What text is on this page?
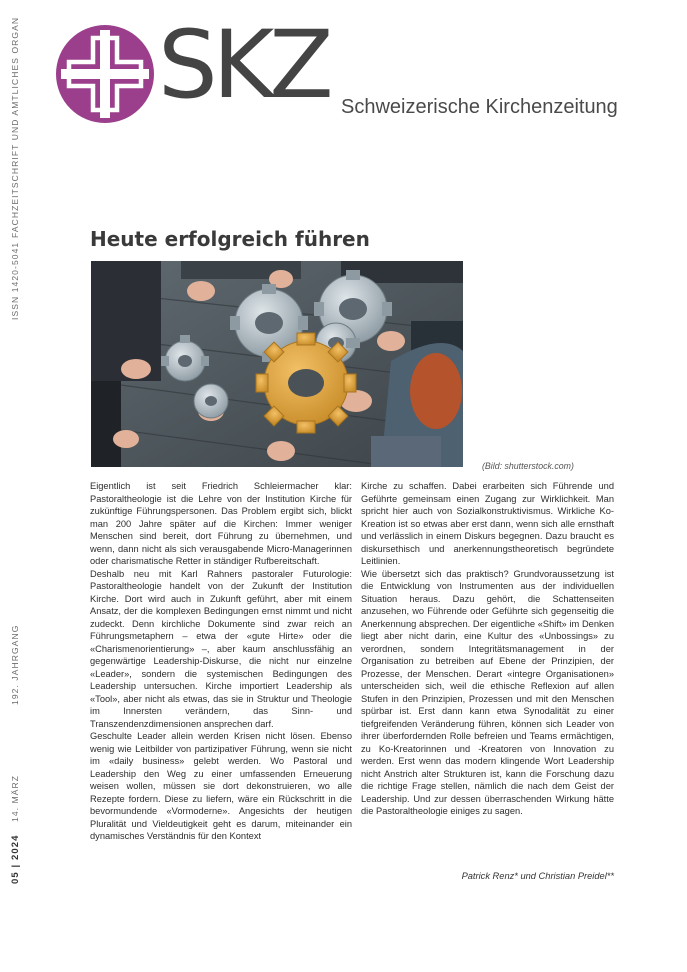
05 | 2024
14. MÄRZ
192. JAHRGANG
ISSN 1420-5041
FACHZEITSCHRIFT UND AMTLICHES ORGAN SKZ Schweizerische Kirchenzeitung
Heute erfolgreich führen
(Bild: shutterstock.com)

Eigentlich ist seit Friedrich Schleiermacher klar: Pastoraltheologie ist die Lehre von der Institution Kirche für zukünftige Führungspersonen. Das Problem ergibt sich, blickt man 200 Jahre später auf die Kirchen: Immer weniger Menschen sind bereit, dort Führung zu übernehmen, und wenn, dann nicht als sich verausgabende Micro-Managerinnen oder charismatische Retter in ständiger Rufbereitschaft.

Deshalb neu mit Karl Rahners pastoraler Futurologie: Pastoraltheologie handelt von der Zukunft der Institution Kirche. Dort wird auch in Zukunft geführt, aber mit einem Ansatz, der die komplexen Bedingungen ernst nimmt und nicht zudeckt. Denn kirchliche Dokumente sind zwar reich an Führungsmetaphern – etwa der «gute Hirte» oder die «Charismenorientierung» –, aber kaum anschlussfähig an gegenwärtige Leadership-Diskurse, die nicht nur einzelne «Leader», sondern die systemischen Bedingungen des Leadership untersuchen. Kirche importiert Leadership als «Tool», aber nicht als etwas, das sie in Struktur und Theologie im Innersten verändern, das Sinn- und Transzendenzdimensionen ansprechen darf.

Geschulte Leader allein werden Krisen nicht lösen. Ebenso wenig wie Leitbilder von partizipativer Führung, wenn sie nicht im «daily business» gelebt werden. Wo Pastoral und Leadership den Weg zu einer umfassenden Erneuerung weisen wollen, müssen sie dort dekonstruieren, wo alle Rezepte fordern. Diese zu liefern, wäre ein Rückschritt in die bevormundende «Vormoderne». Angesichts der heutigen Pluralität und Vieldeutigkeit geht es darum, miteinander ein dynamisches Verständnis für den Kontext

Kirche zu schaffen. Dabei erarbeiten sich Führende und Geführte gemeinsam einen Zugang zur Wirklichkeit. Man spricht hier auch von Sozialkonstruktivismus. Wirkliche Ko-Kreation ist so etwas aber erst dann, wenn sich alle ernsthaft und verlässlich in einem Diskurs begegnen. Dazu braucht es diskursethisch und anerkennungstheoretisch begründete Leitlinien.

Wie übersetzt sich das praktisch? Grundvoraussetzung ist die Entwicklung von Instrumenten aus der individuellen Situation heraus. Dazu gehört, die Schattenseiten anzusehen, wo Führende oder Geführte sich gegenseitig die Anerkennung absprechen. Der eigentliche «Shift» im Denken liegt aber nicht darin, eine Kultur des «Unbossings» zu verordnen, sondern Integritätsmanagement in der Organisation zu betreiben auf Ebene der Prinzipien, der Prozesse, der Menschen. Derart «integre Organisationen» unterscheiden sich, weil die ethische Reflexion auf allen Stufen in den Prinzipien, Prozessen und mit den Menschen spürbar ist. Erst dann kann etwa Synodalität zu einer tiefgreifenden Veränderung führen, können sich Leader von ihrer überfordernden Rolle befreien und Teams ermächtigen, zu Ko-Kreatorinnen und -Kreatoren von Innovation zu werden. Erst wenn das modern klingende Wort Leadership nicht Anstrich alter Strukturen ist, kann die Forschung dazu die richtige Frage stellen, nämlich die nach dem Geist der Leadership. Und zur dessen überraschenden Wirkung hätte die Pastoraltheologie einiges zu sagen.

Patrick Renz* und Christian Preidel**
